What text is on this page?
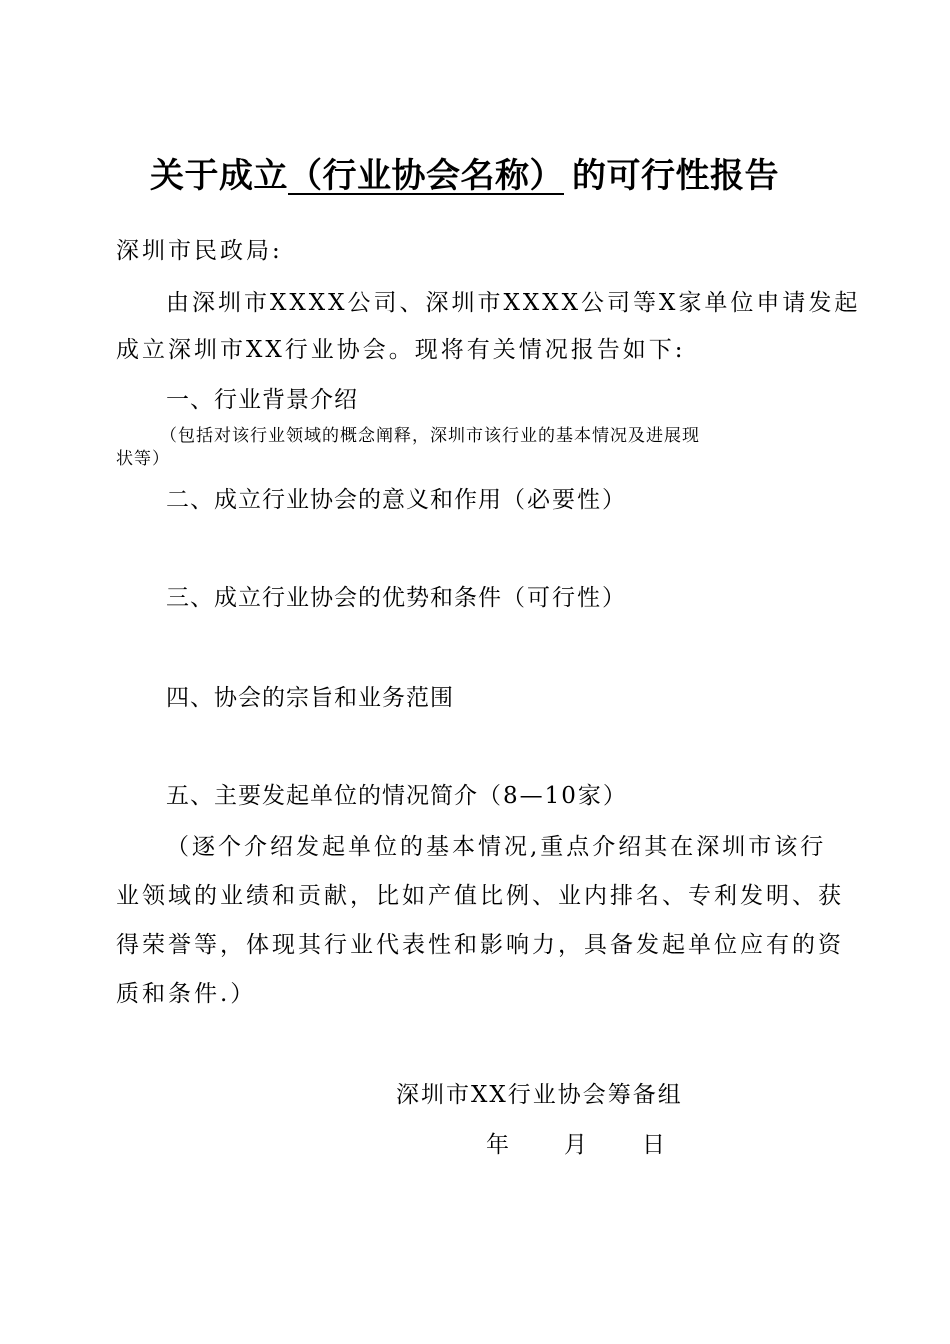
关于成立（行业协会名称） 的可行性报告
深圳市民政局:
由深圳市XXXX公司、深圳市XXXX公司等X家单位申请发起
成立深圳市XX行业协会。现将有关情况报告如下:
一、行业背景介绍
（包括对该行业领域的概念阐释，深圳市该行业的基本情况及进展现
状等）
二、成立行业协会的意义和作用（必要性）
三、成立行业协会的优势和条件（可行性）
四、协会的宗旨和业务范围
五、主要发起单位的情况简介（8—10家）
（逐个介绍发起单位的基本情况,重点介绍其在深圳市该行
业领域的业绩和贡献，比如产值比例、业内排名、专利发明、获
得荣誉等，体现其行业代表性和影响力，具备发起单位应有的资
质和条件.）
深圳市XX行业协会筹备组
年 月 日
